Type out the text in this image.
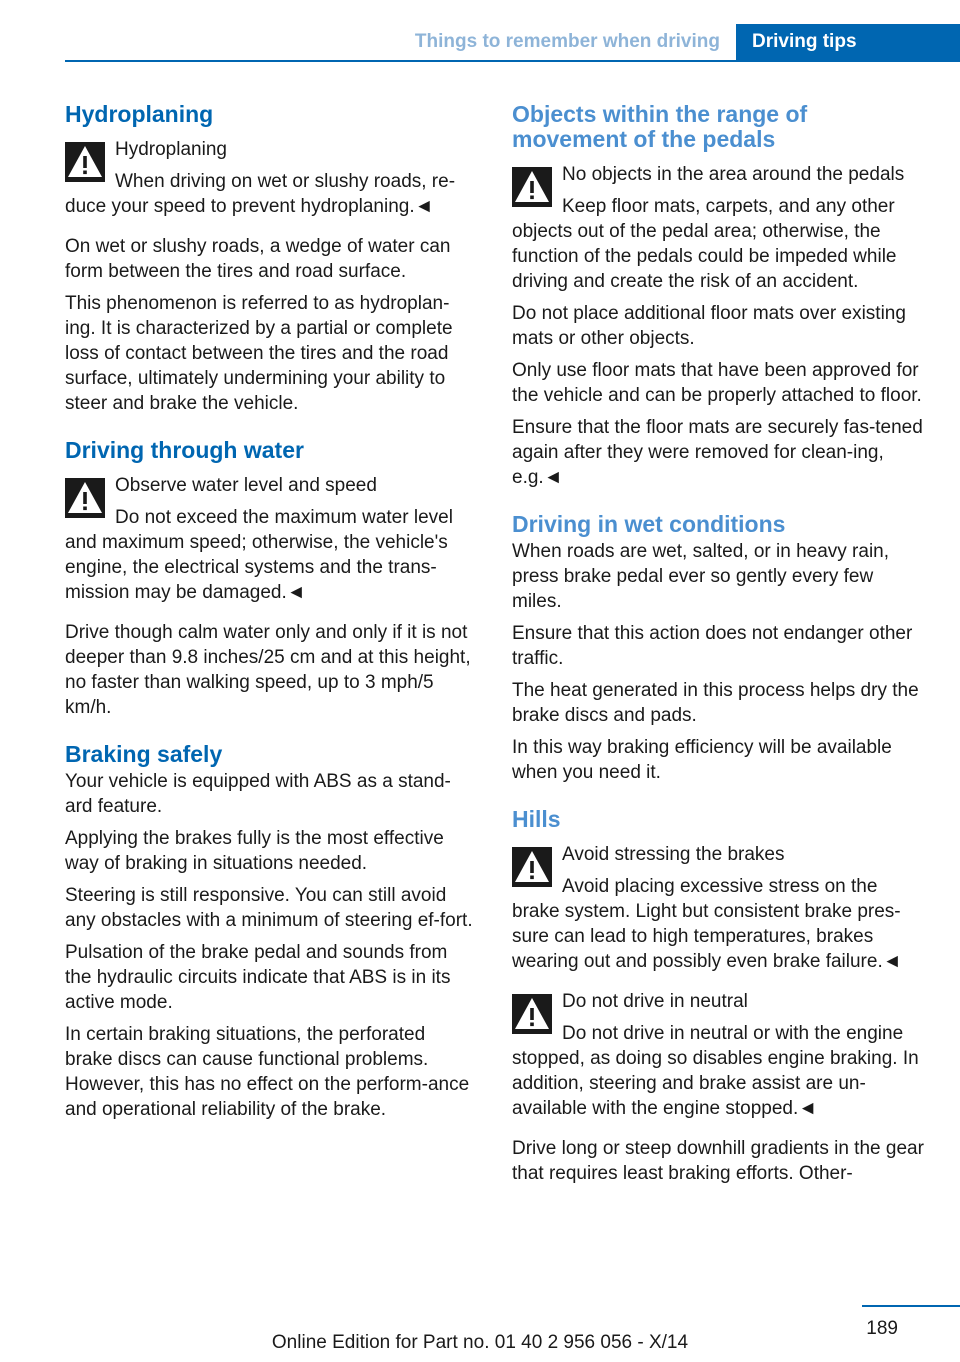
Things to remember when driving	Driving tips
Hydroplaning
Hydroplaning
When driving on wet or slushy roads, re-duce your speed to prevent hydroplaning.◄

On wet or slushy roads, a wedge of water can form between the tires and road surface.

This phenomenon is referred to as hydroplan-ing. It is characterized by a partial or complete loss of contact between the tires and the road surface, ultimately undermining your ability to steer and brake the vehicle.

Driving through water
Observe water level and speed
Do not exceed the maximum water level and maximum speed; otherwise, the vehicle's engine, the electrical systems and the trans-mission may be damaged.◄

Drive though calm water only and only if it is not deeper than 9.8 inches/25 cm and at this height, no faster than walking speed, up to 3 mph/5 km/h.

Braking safely

Your vehicle is equipped with ABS as a stand-ard feature.

Applying the brakes fully is the most effective way of braking in situations needed.

Steering is still responsive. You can still avoid any obstacles with a minimum of steering ef-fort.

Pulsation of the brake pedal and sounds from the hydraulic circuits indicate that ABS is in its active mode.

In certain braking situations, the perforated brake discs can cause functional problems. However, this has no effect on the perform-ance and operational reliability of the brake.

Objects within the range of movement of the pedals
No objects in the area around the pedals
Keep floor mats, carpets, and any other objects out of the pedal area; otherwise, the function of the pedals could be impeded while driving and create the risk of an accident.

Do not place additional floor mats over existing mats or other objects.

Only use floor mats that have been approved for the vehicle and can be properly attached to floor.

Ensure that the floor mats are securely fas-tened again after they were removed for clean-ing, e.g.◄

Driving in wet conditions

When roads are wet, salted, or in heavy rain, press brake pedal ever so gently every few miles.

Ensure that this action does not endanger other traffic.

The heat generated in this process helps dry the brake discs and pads.

In this way braking efficiency will be available when you need it.

Hills
Avoid stressing the brakes
Avoid placing excessive stress on the brake system. Light but consistent brake pres-sure can lead to high temperatures, brakes wearing out and possibly even brake failure.◄
Do not drive in neutral
Do not drive in neutral or with the engine stopped, as doing so disables engine braking. In addition, steering and brake assist are un-available with the engine stopped.◄

Drive long or steep downhill gradients in the gear that requires least braking efforts. Other-

189
Online Edition for Part no. 01 40 2 956 056 - X/14
